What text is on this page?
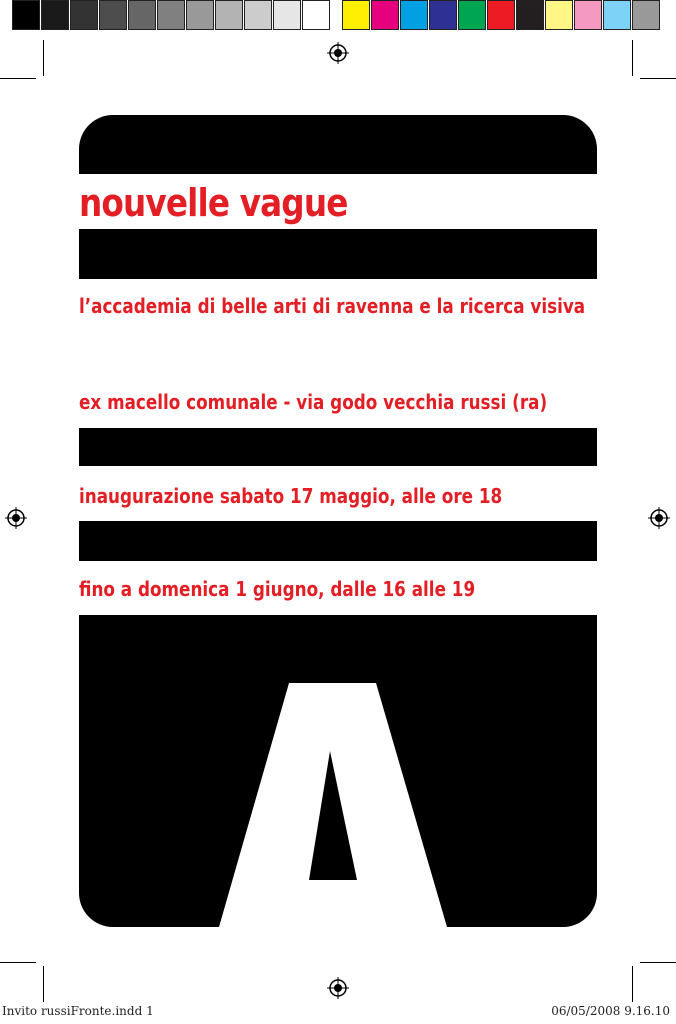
nouvelle vague
l’accademia di belle arti di ravenna e la ricerca visiva
ex macello comunale - via godo vecchia russi (ra)
inaugurazione sabato 17 maggio, alle ore 18
fino a domenica 1 giugno, dalle 16 alle 19
Invito russiFronte.indd 1	06/05/2008 9.16.10
